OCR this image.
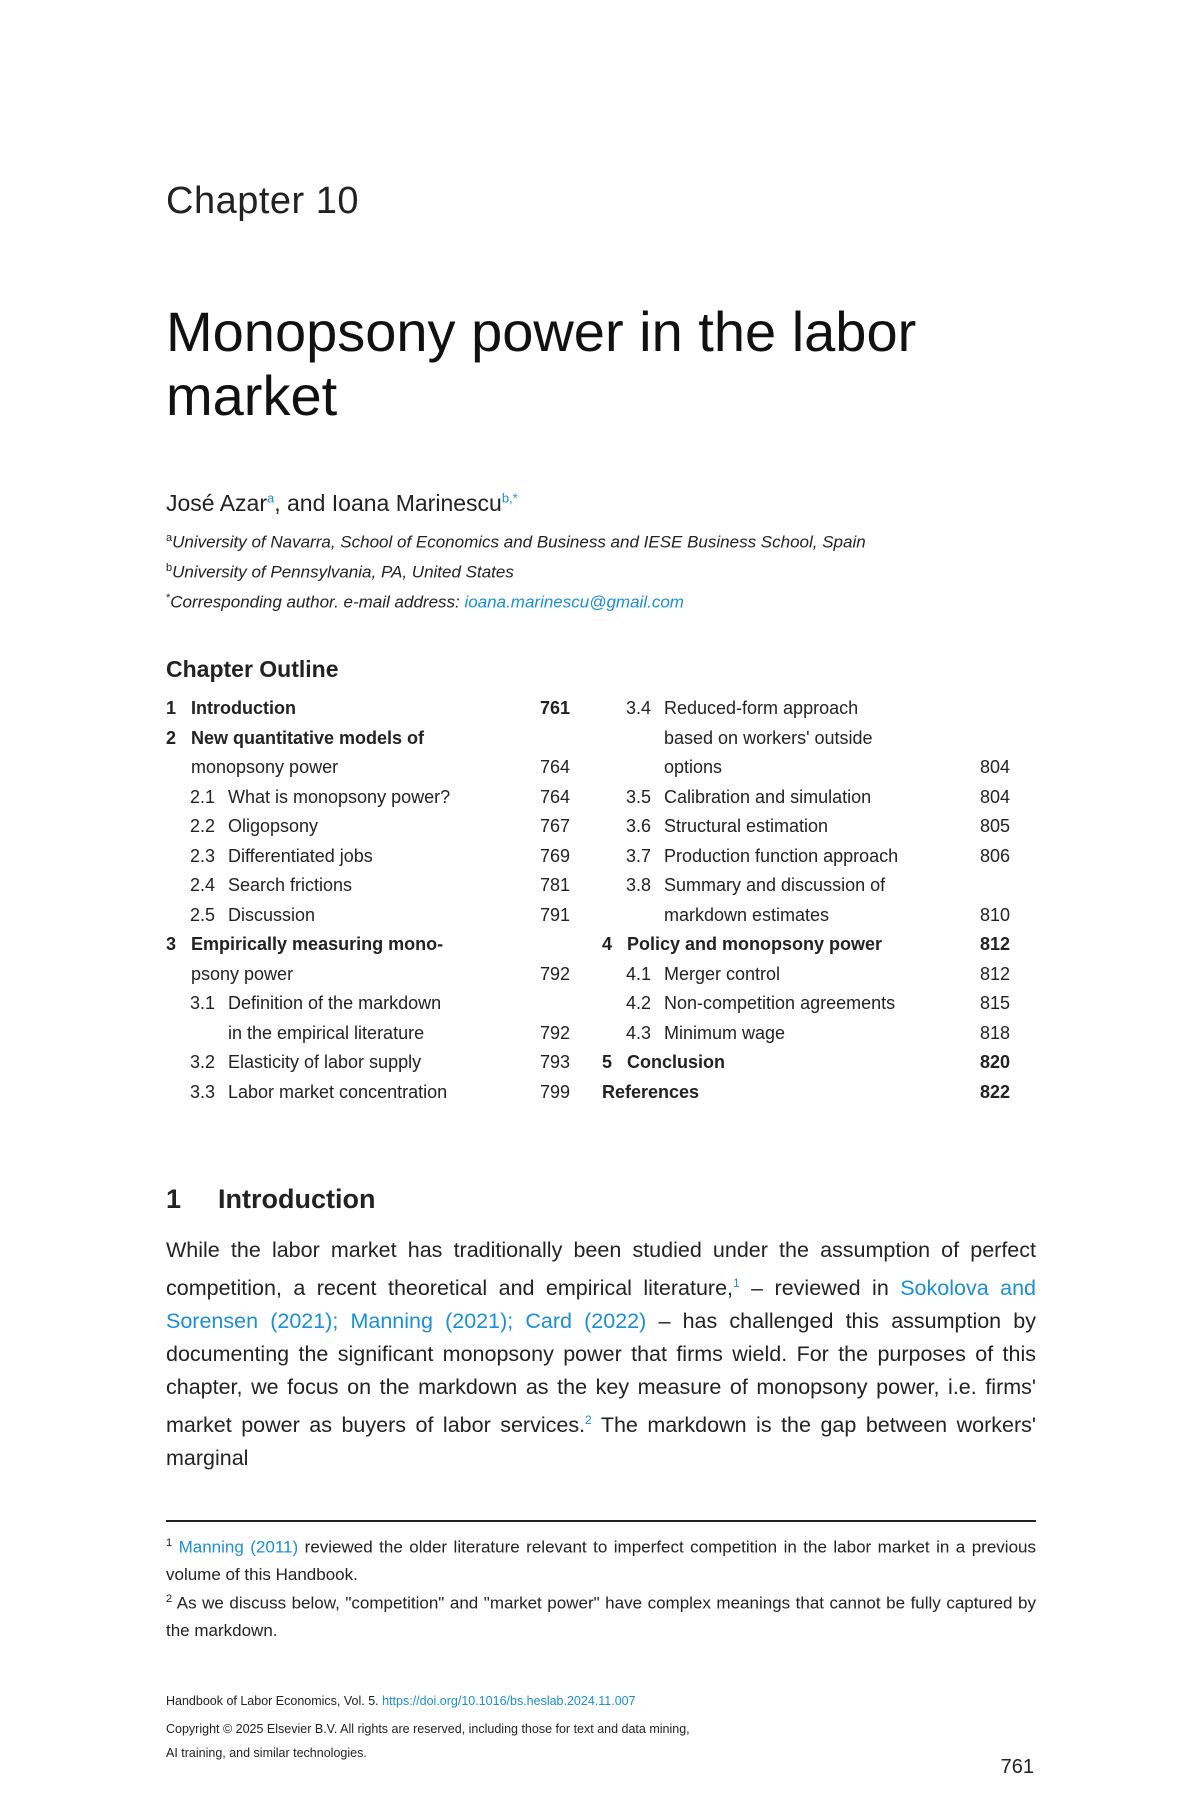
Chapter 10
Monopsony power in the labor market
José Azar$^a$, and Ioana Marinescu$^{b,*}$
$^a$University of Navarra, School of Economics and Business and IESE Business School, Spain
$^b$University of Pennsylvania, PA, United States
*Corresponding author. e-mail address: ioana.marinescu@gmail.com
Chapter Outline
1 Introduction	761
2 New quantitative models of
monopsony power	764
2.1 What is monopsony power?	764
2.2 Oligopsony	767
2.3 Differentiated jobs	769
2.4 Search frictions	781
2.5 Discussion	791
3 Empirically measuring mono-
psony power	792
3.1 Definition of the markdown
in the empirical literature	792
3.2 Elasticity of labor supply	793
3.3 Labor market concentration	799
3.4 Reduced-form approach
based on workers' outside
options	804
3.5 Calibration and simulation	804
3.6 Structural estimation	805
3.7 Production function approach	806
3.8 Summary and discussion of
markdown estimates	810
4 Policy and monopsony power	812
4.1 Merger control	812
4.2 Non-competition agreements	815
4.3 Minimum wage	818
5 Conclusion	820
References	822
1 Introduction
While the labor market has traditionally been studied under the assumption of perfect competition, a recent theoretical and empirical literature,$^1$ – reviewed in Sokolova and Sorensen (2021); Manning (2021); Card (2022) – has challenged this assumption by documenting the significant monopsony power that firms wield. For the purposes of this chapter, we focus on the markdown as the key measure of monopsony power, i.e. firms' market power as buyers of labor services.$^2$ The markdown is the gap between workers' marginal
$^1$ Manning (2011) reviewed the older literature relevant to imperfect competition in the labor market in a previous volume of this Handbook.
$^2$ As we discuss below, "competition" and "market power" have complex meanings that cannot be fully captured by the markdown.
Handbook of Labor Economics, Vol. 5. https://doi.org/10.1016/bs.heslab.2024.11.007
Copyright © 2025 Elsevier B.V. All rights are reserved, including those for text and data mining,
AI training, and similar technologies.
761
